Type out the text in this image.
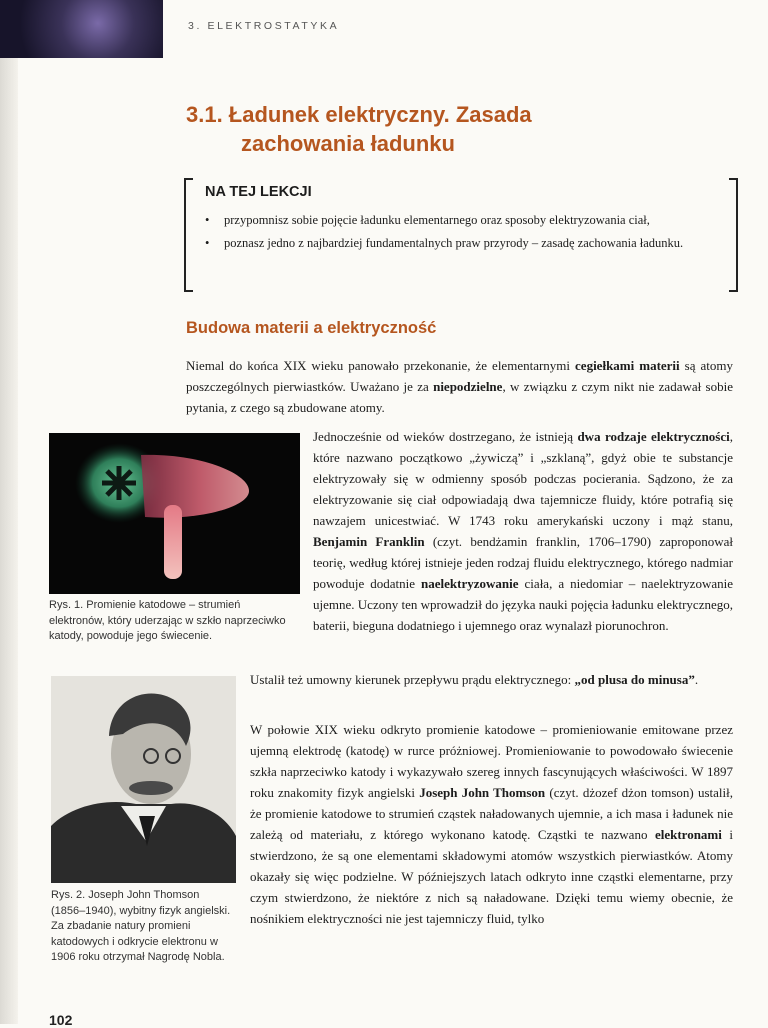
3. ELEKTROSTATYKA
3.1. Ładunek elektryczny. Zasada
zachowania ładunku
NA TEJ LEKCJI
• przypomnisz sobie pojęcie ładunku elementarnego oraz sposoby elektryzowania ciał,
• poznasz jedno z najbardziej fundamentalnych praw przyrody – zasadę zachowania ładunku.
Budowa materii a elektryczność

Niemal do końca XIX wieku panowało przekonanie, że elementarnymi cegiełkami materii są atomy poszczególnych pierwiastków. Uważano je za niepodzielne, w związku z czym nikt nie zadawał sobie pytania, z czego są zbudowane atomy.

Rys. 1. Promienie katodowe – strumień elektronów, który uderzając w szkło naprzeciwko katody, powoduje jego świecenie.

Rys. 2. Joseph John Thomson (1856–1940), wybitny fizyk angielski. Za zbadanie natury promieni katodowych i odkrycie elektronu w 1906 roku otrzymał Nagrodę Nobla.

Jednocześnie od wieków dostrzegano, że istnieją dwa rodzaje elektryczności, które nazwano początkowo „żywiczą” i „szklaną”, gdyż obie te substancje elektryzowały się w odmienny sposób podczas pocierania. Sądzono, że za elektryzowanie się ciał odpowiadają dwa tajemnicze fluidy, które potrafią się nawzajem unicestwiać. W 1743 roku amerykański uczony i mąż stanu, Benjamin Franklin (czyt. bendżamin franklin, 1706–1790) zaproponował teorię, według której istnieje jeden rodzaj fluidu elektrycznego, którego nadmiar powoduje dodatnie naelektryzowanie ciała, a niedomiar – naelektryzowanie ujemne. Uczony ten wprowadził do języka nauki pojęcia ładunku elektrycznego, baterii, bieguna dodatniego i ujemnego oraz wynalazł piorunochron.

Ustalił też umowny kierunek przepływu prądu elektrycznego: „od plusa do minusa”.

W połowie XIX wieku odkryto promienie katodowe – promieniowanie emitowane przez ujemną elektrodę (katodę) w rurce próżniowej. Promieniowanie to powodowało świecenie szkła naprzeciwko katody i wykazywało szereg innych fascynujących właściwości. W 1897 roku znakomity fizyk angielski Joseph John Thomson (czyt. dżozef dżon tomson) ustalił, że promienie katodowe to strumień cząstek naładowanych ujemnie, a ich masa i ładunek nie zależą od materiału, z którego wykonano katodę. Cząstki te nazwano elektronami i stwierdzono, że są one elementami składowymi atomów wszystkich pierwiastków. Atomy okazały się więc podzielne. W późniejszych latach odkryto inne cząstki elementarne, przy czym stwierdzono, że niektóre z nich są naładowane. Dzięki temu wiemy obecnie, że nośnikiem elektryczności nie jest tajemniczy fluid, tylko

102
